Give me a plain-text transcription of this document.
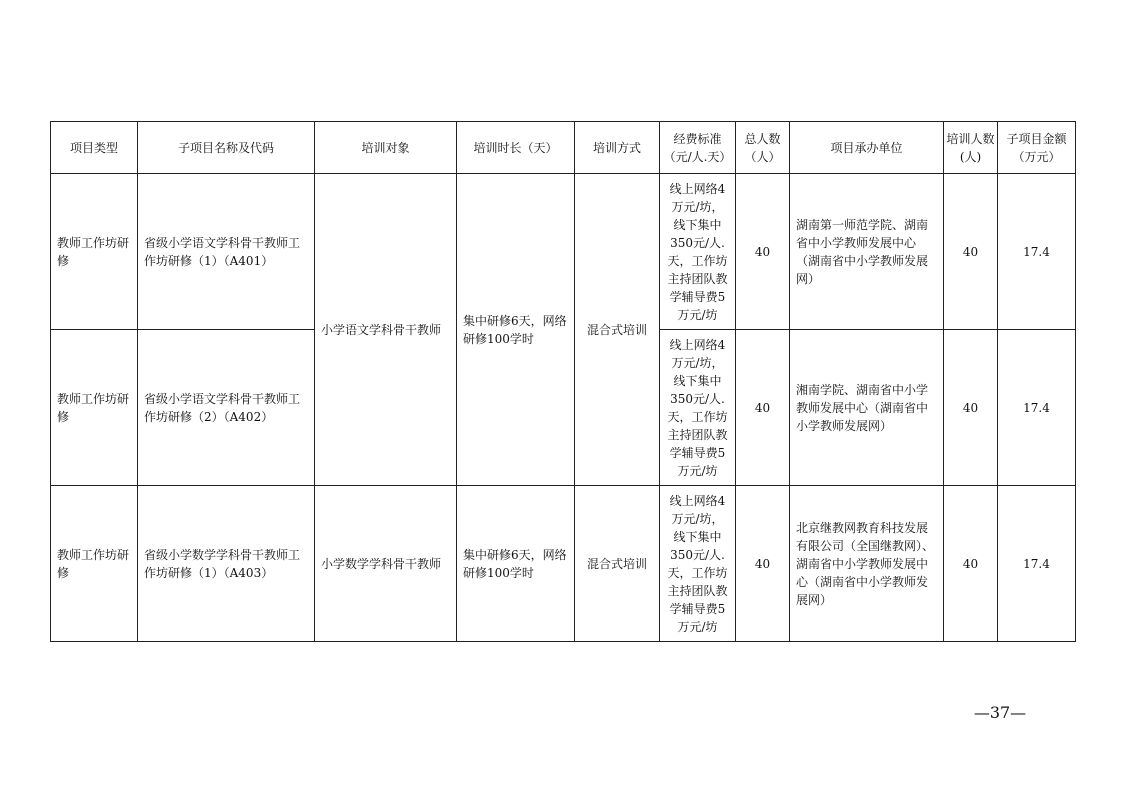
项目类型	子项目名称及代码	培训对象	培训时长（天）	培训方式	经费标准（元/人.天）	总人数（人）	项目承办单位	培训人数(人)	子项目金额（万元）
教师工作坊研修	省级小学语文学科骨干教师工作坊研修（1）（A401）	小学语文学科骨干教师	集中研修6天，网络研修100学时	混合式培训	线上网络4万元/坊，线下集中350元/人.天，工作坊主持团队教学辅导费5万元/坊	40	湖南第一师范学院、湖南省中小学教师发展中心（湖南省中小学教师发展网）	40	17.4
教师工作坊研修	省级小学语文学科骨干教师工作坊研修（2）（A402）				线上网络4万元/坊，线下集中350元/人.天，工作坊主持团队教学辅导费5万元/坊	40	湘南学院、湖南省中小学教师发展中心（湖南省中小学教师发展网）	40	17.4
教师工作坊研修	省级小学数学学科骨干教师工作坊研修（1）（A403）	小学数学学科骨干教师	集中研修6天，网络研修100学时	混合式培训	线上网络4万元/坊，线下集中350元/人.天，工作坊主持团队教学辅导费5万元/坊	40	北京继教网教育科技发展有限公司（全国继教网）、湖南省中小学教师发展中心（湖南省中小学教师发展网）	40	17.4
—37—
